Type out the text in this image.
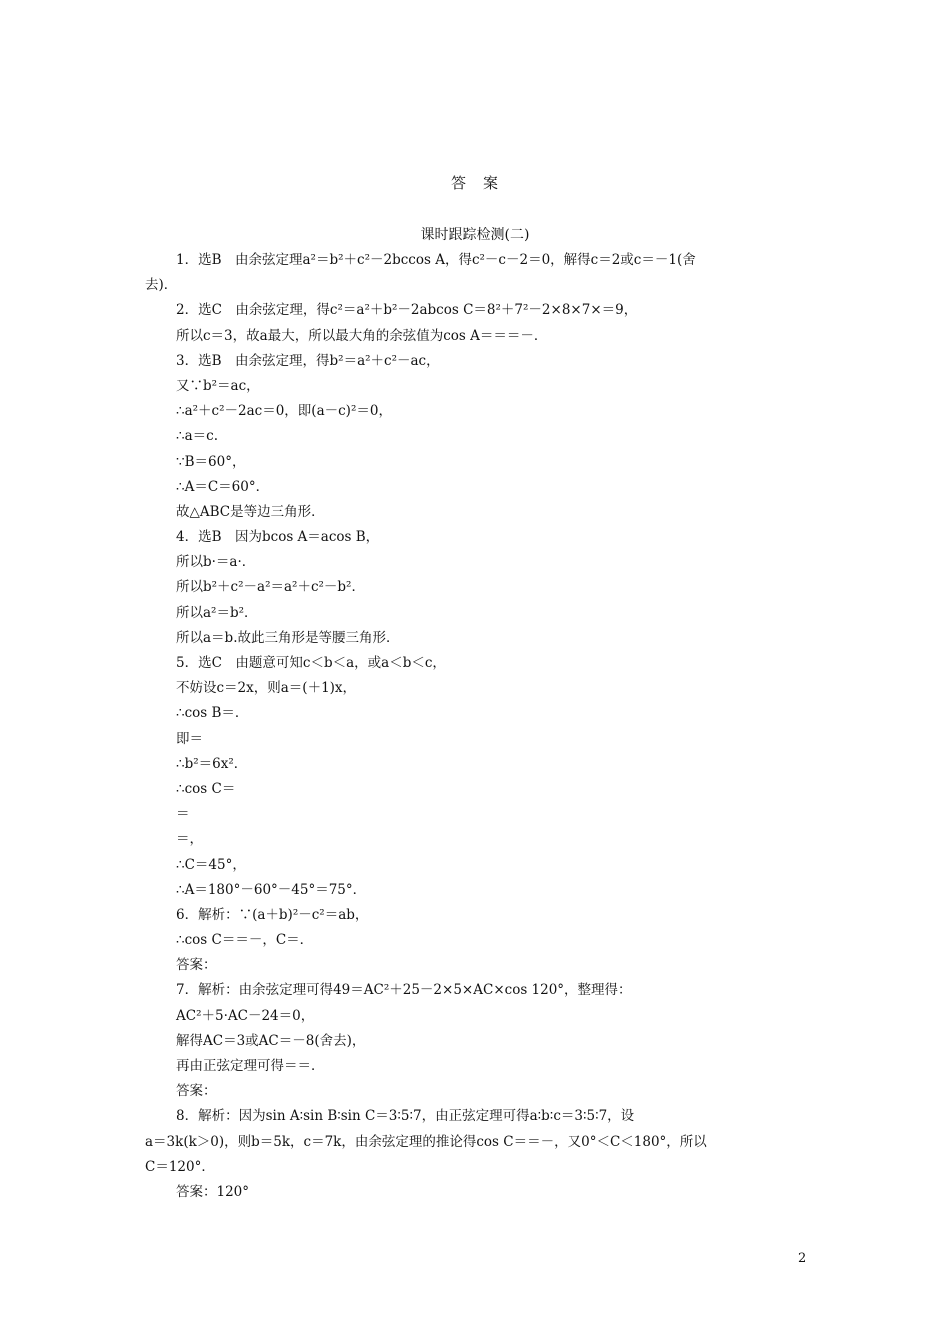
答　案
课时跟踪检测(二)
1．选B　由余弦定理a²＝b²＋c²－2bccos A，得c²－c－2＝0，解得c＝2或c＝－1(舍
去)．
2．选C　由余弦定理，得c²＝a²＋b²－2abcos C＝8²＋7²－2×8×7×＝9，
所以c＝3，故a最大，所以最大角的余弦值为cos A＝＝＝－．
3．选B　由余弦定理，得b²＝a²＋c²－ac，
又∵b²＝ac，
∴a²＋c²－2ac＝0，即(a－c)²＝0，
∴a＝c.
∵B＝60°，
∴A＝C＝60°．
故△ABC是等边三角形．
4．选B　因为bcos A＝acos B，
所以b·＝a·．
所以b²＋c²－a²＝a²＋c²－b²．
所以a²＝b²．
所以a＝b.故此三角形是等腰三角形．
5．选C　由题意可知c＜b＜a，或a＜b＜c，
不妨设c＝2x，则a＝(＋1)x，
∴cos B＝．
即＝
∴b²＝6x²．
∴cos C＝
＝
＝，
∴C＝45°，
∴A＝180°－60°－45°＝75°．
6．解析：∵(a＋b)²－c²＝ab，
∴cos C＝＝－，C＝．
答案：
7．解析：由余弦定理可得49＝AC²＋25－2×5×AC×cos 120°，整理得：
AC²＋5·AC－24＝0，
解得AC＝3或AC＝－8(舍去)，
再由正弦定理可得＝＝．
答案：
8．解析：因为sin A∶sin B∶sin C＝3∶5∶7，由正弦定理可得a∶b∶c＝3∶5∶7，设
a＝3k(k＞0)，则b＝5k，c＝7k，由余弦定理的推论得cos C＝＝－，又0°＜C＜180°，所以
C＝120°．
答案：120°
2
